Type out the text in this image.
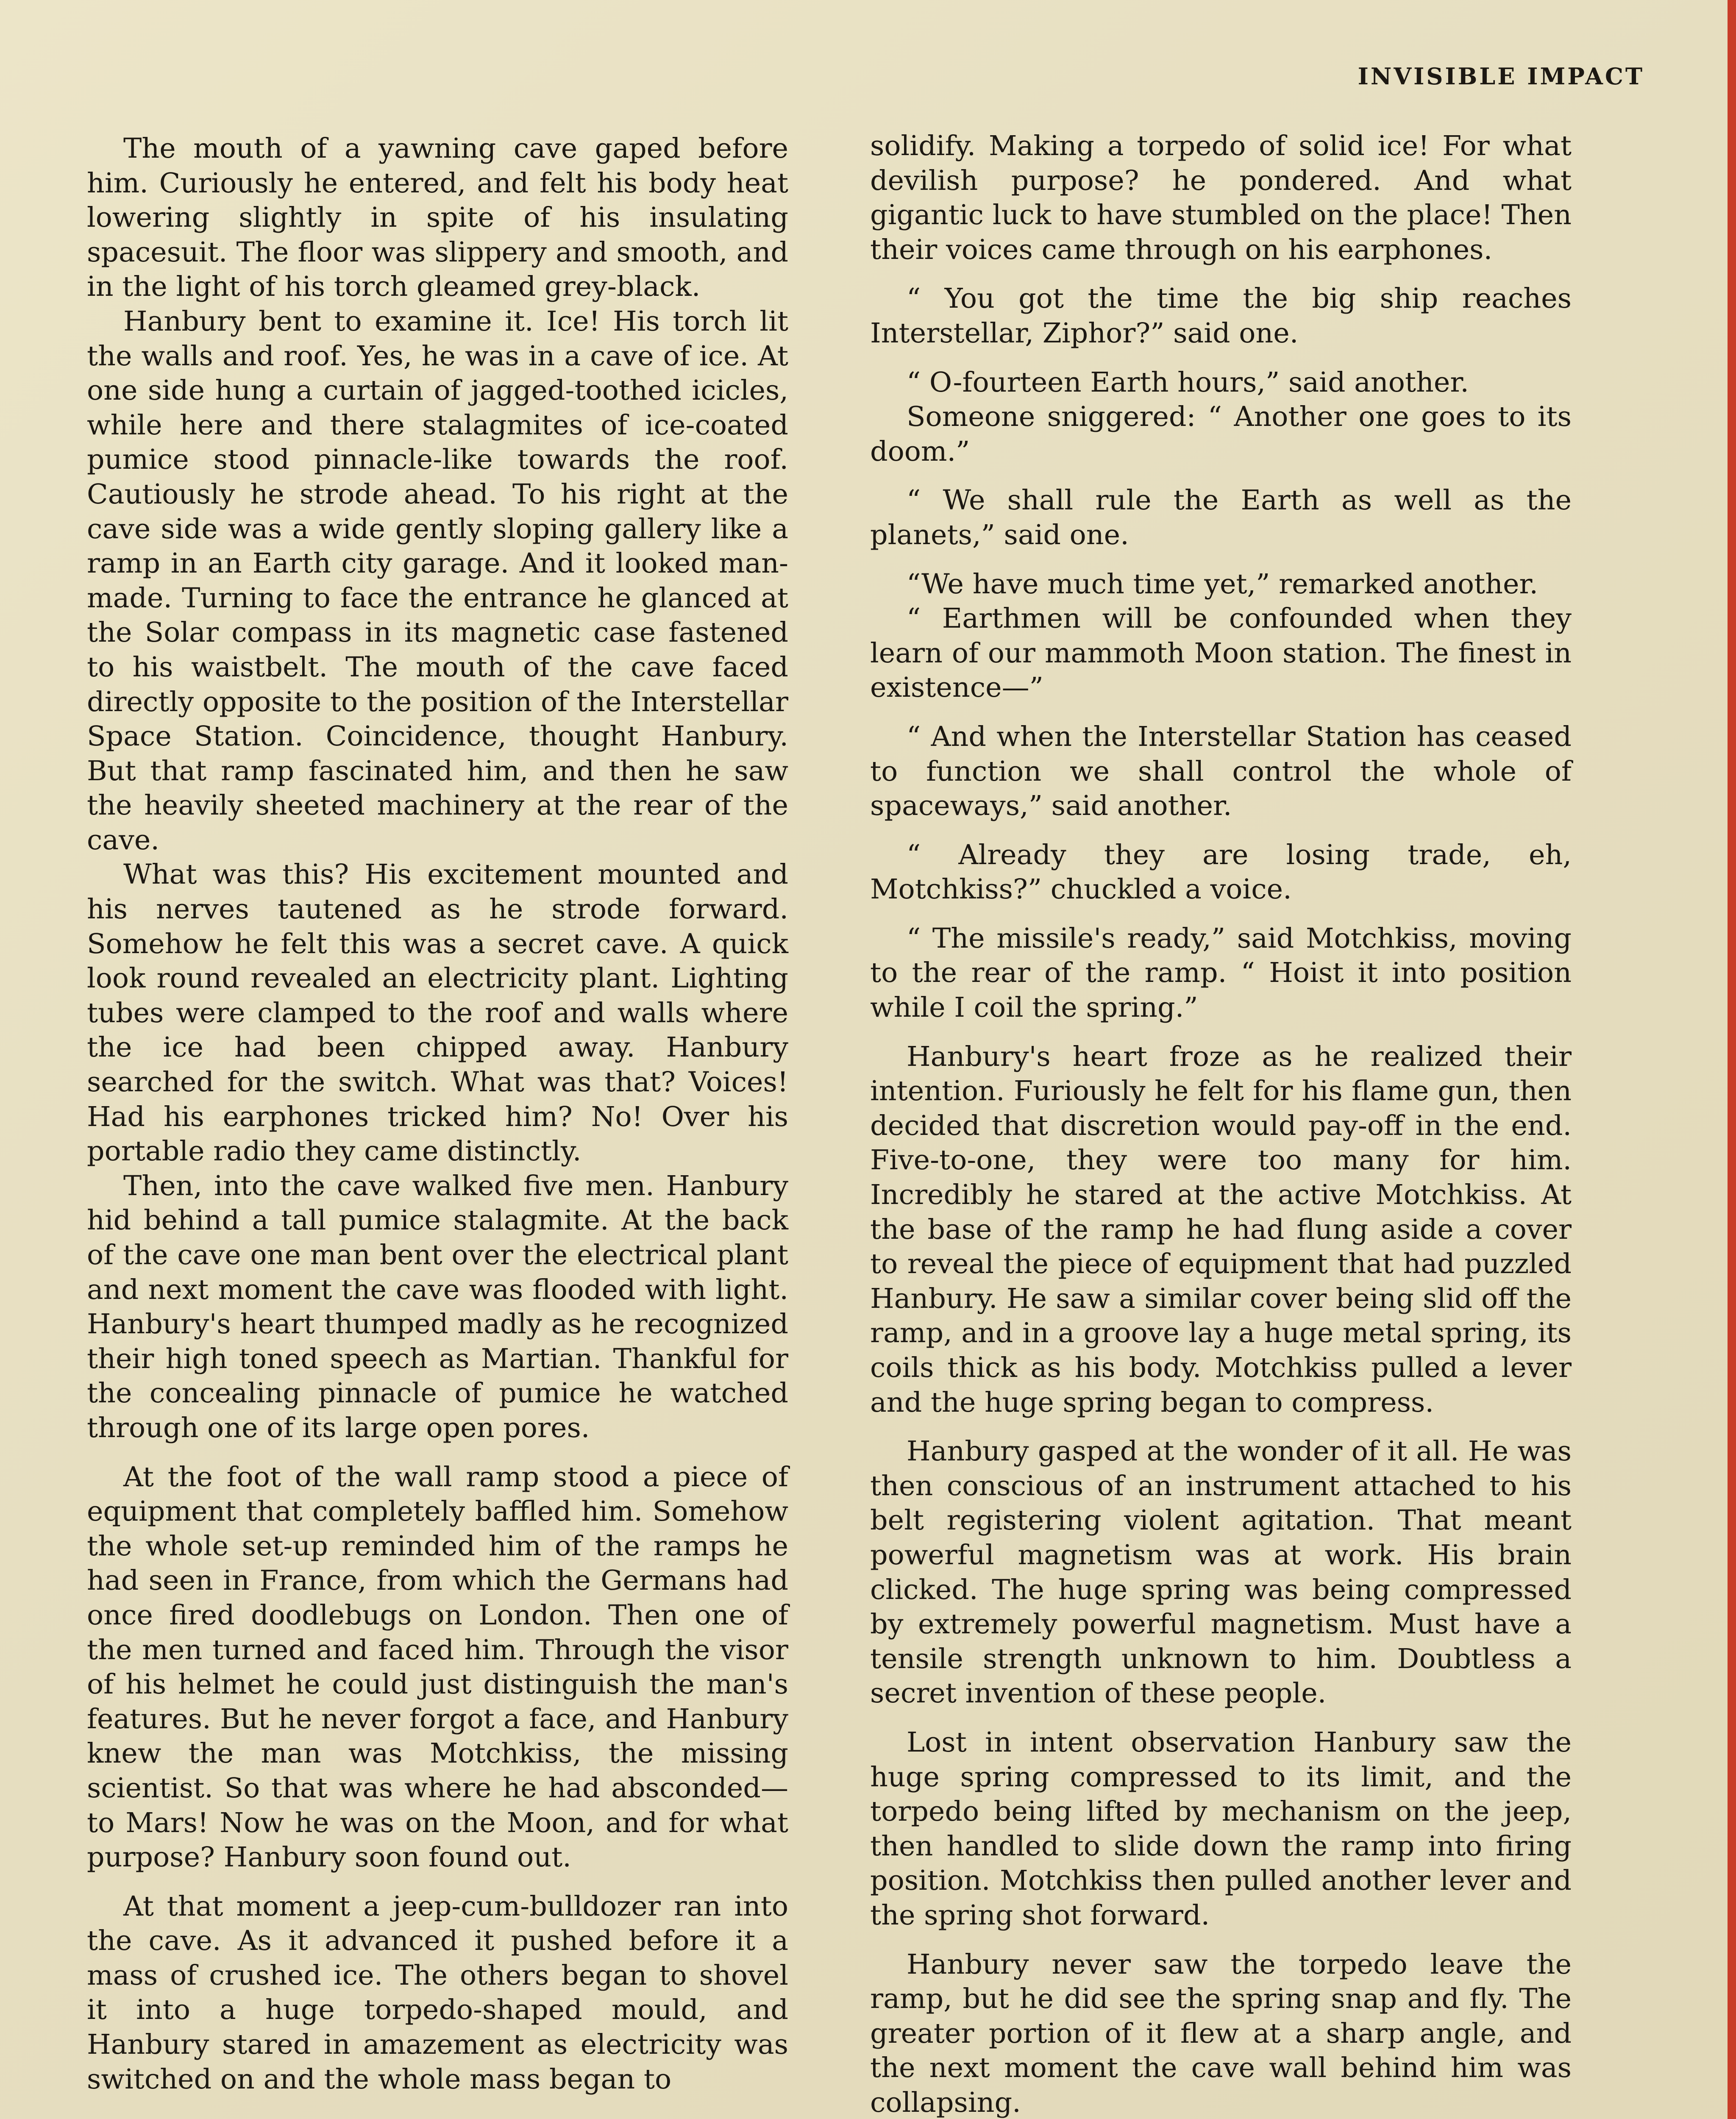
INVISIBLE IMPACT

The mouth of a yawning cave gaped before him. Curiously he entered, and felt his body heat lowering slightly in spite of his insulating spacesuit. The floor was slippery and smooth, and in the light of his torch gleamed grey-black.

Hanbury bent to examine it. Ice! His torch lit the walls and roof. Yes, he was in a cave of ice. At one side hung a curtain of jagged-toothed icicles, while here and there stalagmites of ice-coated pumice stood pinnacle-like towards the roof. Cautiously he strode ahead. To his right at the cave side was a wide gently sloping gallery like a ramp in an Earth city garage. And it looked man-made. Turning to face the entrance he glanced at the Solar compass in its magnetic case fastened to his waistbelt. The mouth of the cave faced directly opposite to the position of the Interstellar Space Station. Coincidence, thought Hanbury. But that ramp fascinated him, and then he saw the heavily sheeted machinery at the rear of the cave.

What was this? His excitement mounted and his nerves tautened as he strode forward. Somehow he felt this was a secret cave. A quick look round revealed an electricity plant. Lighting tubes were clamped to the roof and walls where the ice had been chipped away. Hanbury searched for the switch. What was that? Voices! Had his earphones tricked him? No! Over his portable radio they came distinctly.

Then, into the cave walked five men. Hanbury hid behind a tall pumice stalagmite. At the back of the cave one man bent over the electrical plant and next moment the cave was flooded with light. Hanbury's heart thumped madly as he recognized their high toned speech as Martian. Thankful for the concealing pinnacle of pumice he watched through one of its large open pores.

At the foot of the wall ramp stood a piece of equipment that completely baffled him. Somehow the whole set-up reminded him of the ramps he had seen in France, from which the Germans had once fired doodlebugs on London. Then one of the men turned and faced him. Through the visor of his helmet he could just distinguish the man's features. But he never forgot a face, and Hanbury knew the man was Motchkiss, the missing scientist. So that was where he had absconded—to Mars! Now he was on the Moon, and for what purpose? Hanbury soon found out.

At that moment a jeep-cum-bulldozer ran into the cave. As it advanced it pushed before it a mass of crushed ice. The others began to shovel it into a huge torpedo-shaped mould, and Hanbury stared in amazement as electricity was switched on and the whole mass began to

solidify. Making a torpedo of solid ice! For what devilish purpose? he pondered. And what gigantic luck to have stumbled on the place! Then their voices came through on his earphones.

“ You got the time the big ship reaches Interstellar, Ziphor?” said one.

“ O-fourteen Earth hours,” said another.

Someone sniggered: “ Another one goes to its doom.”

“ We shall rule the Earth as well as the planets,” said one.

“We have much time yet,” remarked another.

“ Earthmen will be confounded when they learn of our mammoth Moon station. The finest in existence—”

“ And when the Interstellar Station has ceased to function we shall control the whole of spaceways,” said another.

“ Already they are losing trade, eh, Motchkiss?” chuckled a voice.

“ The missile's ready,” said Motchkiss, moving to the rear of the ramp. “ Hoist it into position while I coil the spring.”

Hanbury's heart froze as he realized their intention. Furiously he felt for his flame gun, then decided that discretion would pay-off in the end. Five-to-one, they were too many for him. Incredibly he stared at the active Motchkiss. At the base of the ramp he had flung aside a cover to reveal the piece of equipment that had puzzled Hanbury. He saw a similar cover being slid off the ramp, and in a groove lay a huge metal spring, its coils thick as his body. Motchkiss pulled a lever and the huge spring began to compress.

Hanbury gasped at the wonder of it all. He was then conscious of an instrument attached to his belt registering violent agitation. That meant powerful magnetism was at work. His brain clicked. The huge spring was being compressed by extremely powerful magnetism. Must have a tensile strength unknown to him. Doubtless a secret invention of these people.

Lost in intent observation Hanbury saw the huge spring compressed to its limit, and the torpedo being lifted by mechanism on the jeep, then handled to slide down the ramp into firing position. Motchkiss then pulled another lever and the spring shot forward.

Hanbury never saw the torpedo leave the ramp, but he did see the spring snap and fly. The greater portion of it flew at a sharp angle, and the next moment the cave wall behind him was collapsing.
